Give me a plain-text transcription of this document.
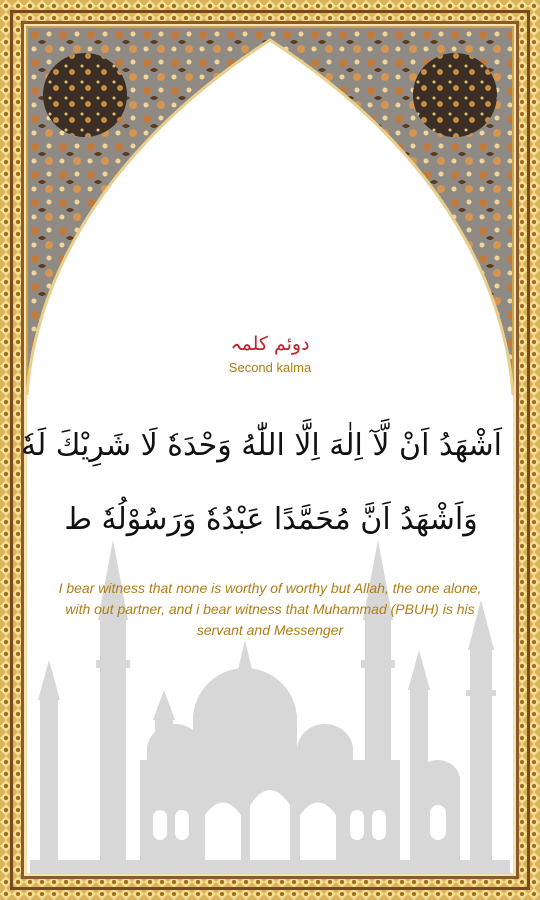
دوئم کلمہ
Second kalma
اَشْهَدُ اَنْ لَّآ اِلٰهَ اِلَّا اللّٰهُ وَحْدَهٗ لَا شَرِيْكَ لَهٗ
وَاَشْهَدُ اَنَّ مُحَمَّدًا عَبْدُهٗ وَرَسُوْلُهٗ ط
I bear witness that none is worthy of worthy but Allah, the one alone, with out partner, and i bear witness that Muhammad (PBUH) is his servant and Messenger
